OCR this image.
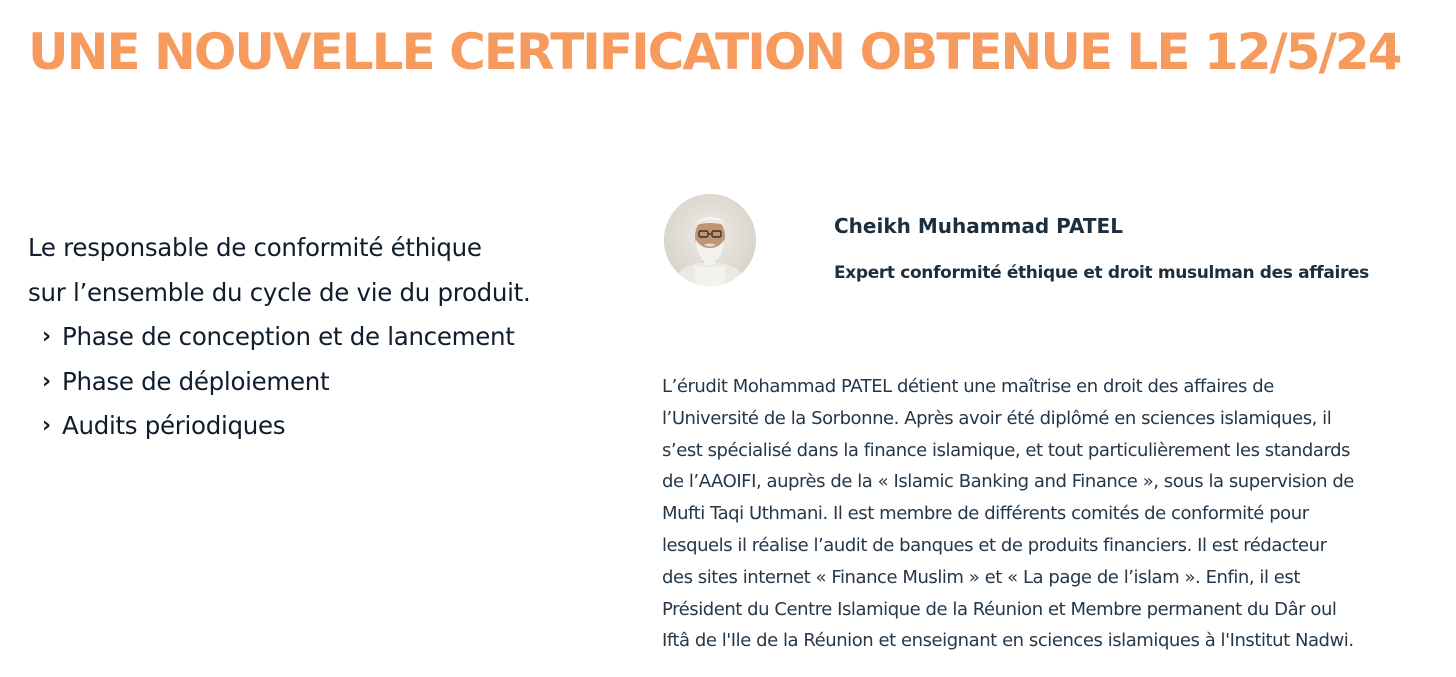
UNE NOUVELLE CERTIFICATION OBTENUE LE 12/5/24
Le responsable de conformité éthique
sur l’ensemble du cycle de vie du produit.
› Phase de conception et de lancement
› Phase de déploiement
› Audits périodiques
Cheikh Muhammad PATEL
Expert conformité éthique et droit musulman des affaires
L’érudit Mohammad PATEL détient une maîtrise en droit des affaires de
l’Université de la Sorbonne. Après avoir été diplômé en sciences islamiques, il
s’est spécialisé dans la finance islamique, et tout particulièrement les standards
de l’AAOIFI, auprès de la « Islamic Banking and Finance », sous la supervision de
Mufti Taqi Uthmani. Il est membre de différents comités de conformité pour
lesquels il réalise l’audit de banques et de produits financiers. Il est rédacteur
des sites internet « Finance Muslim » et « La page de l’islam ». Enfin, il est
Président du Centre Islamique de la Réunion et Membre permanent du Dâr oul
Iftâ de l'Ile de la Réunion et enseignant en sciences islamiques à l'Institut Nadwi.
